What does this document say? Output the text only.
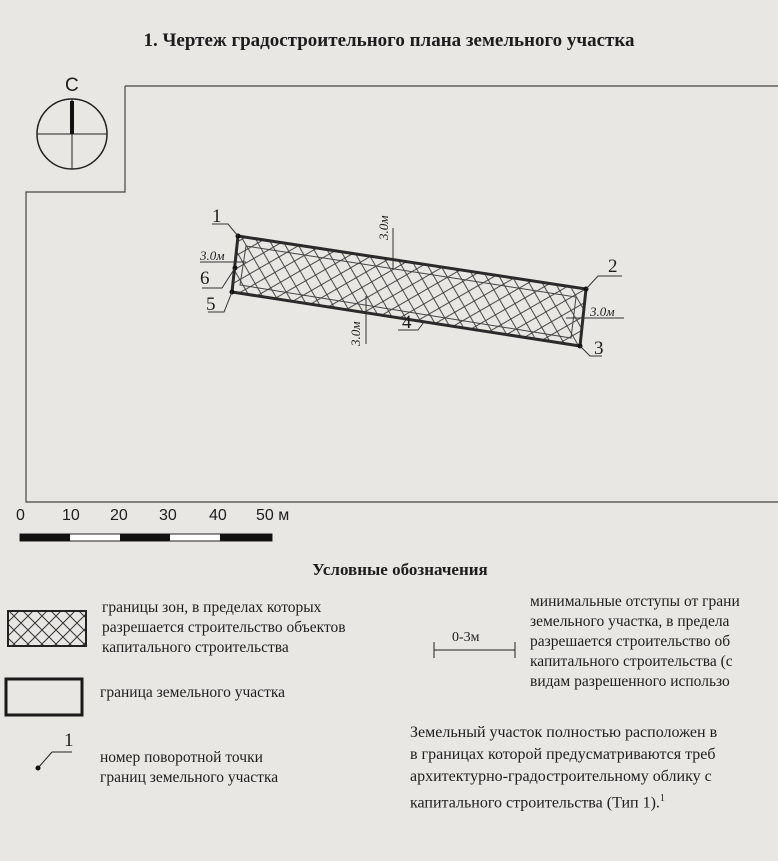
1. Чертеж градостроительного плана земельного участка
С
1
2
3
4
5
6
3.0м
3.0м
3.0м
3.0м
0 10 20 30 40 50 м
Условные обозначения
границы зон, в пределах которых
разрешается строительство объектов
капитального строительства
граница земельного участка
1
номер поворотной точки
границ земельного участка
0-3м
минимальные отступы от грани
земельного участка, в предела
разрешается строительство об
капитального строительства (с
видам разрешенного использо
Земельный участок полностью расположен в
в границах которой предусматриваются треб
архитектурно-градостроительному облику с
капитального строительства (Тип 1).$^1$
